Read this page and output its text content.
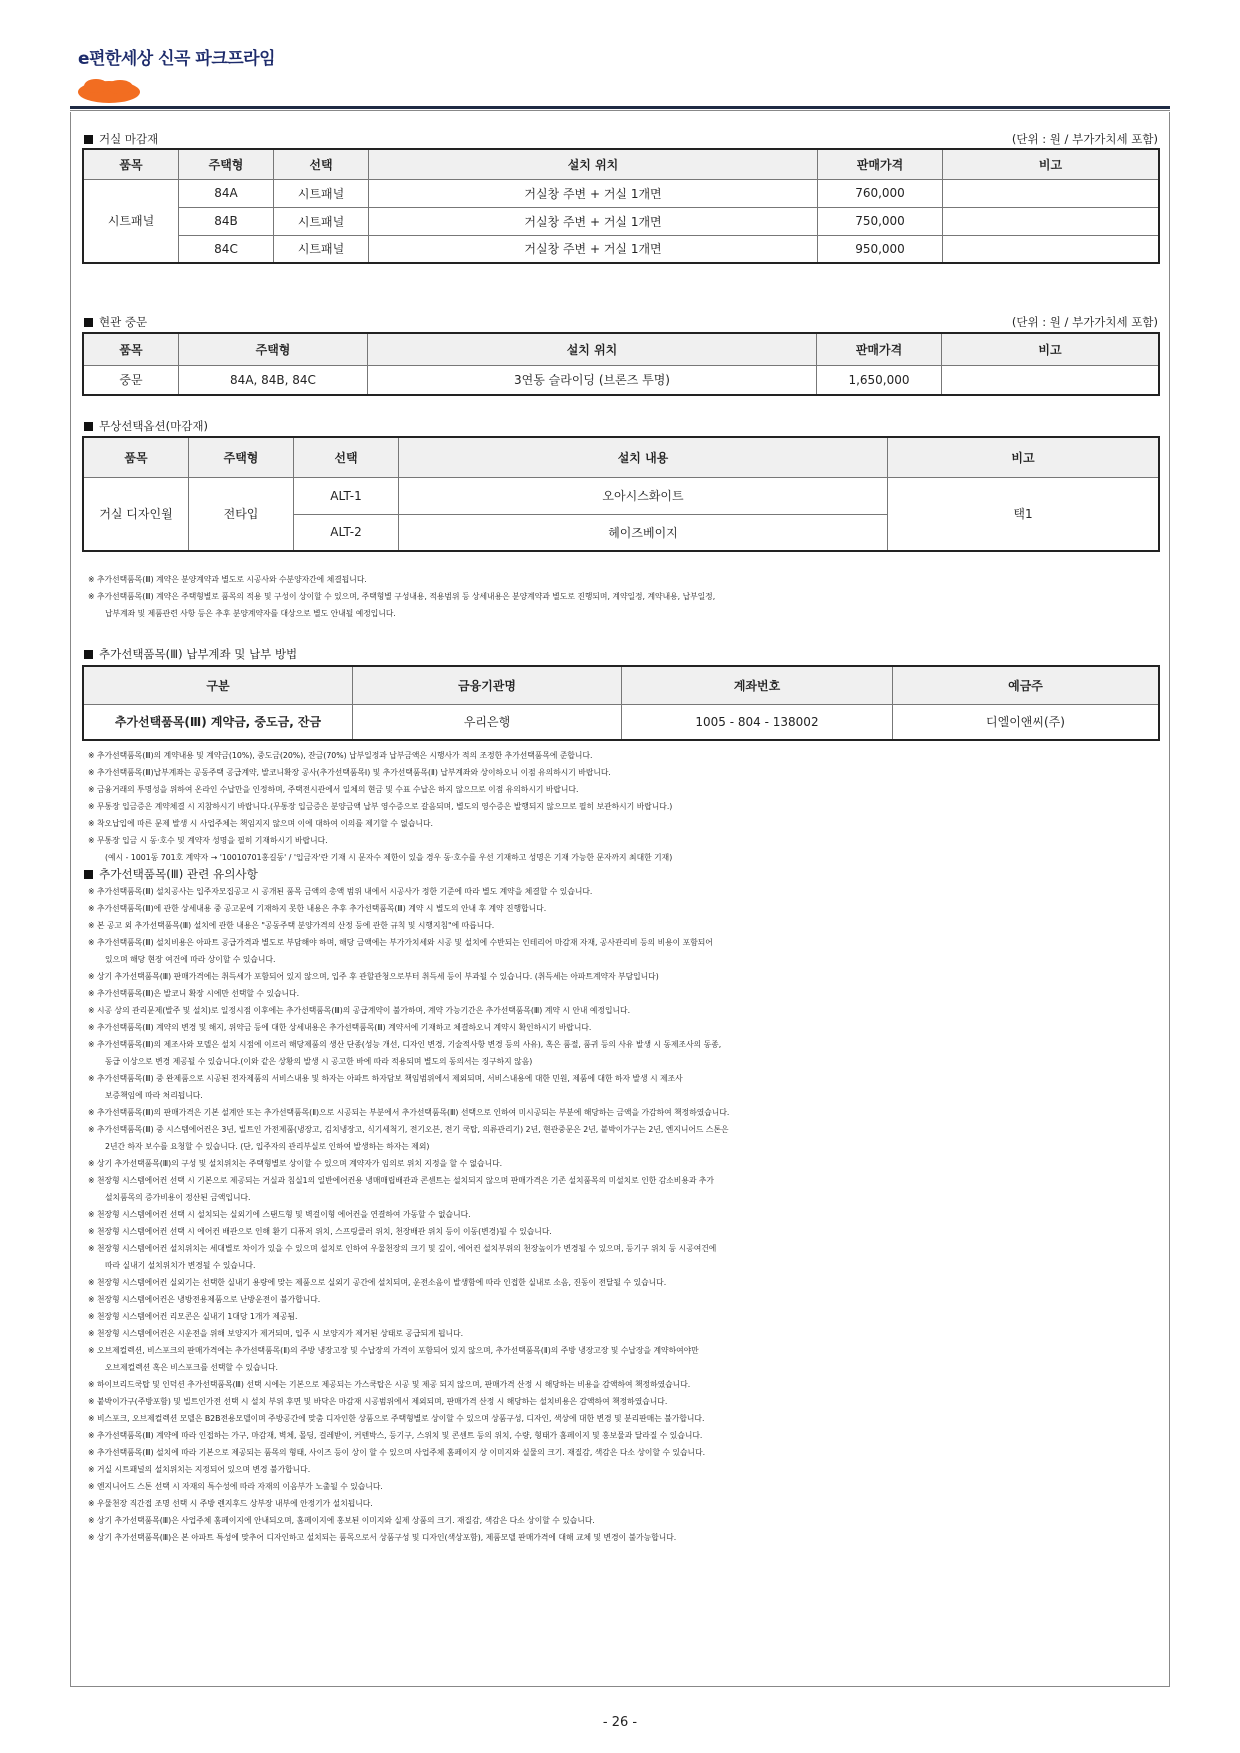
e편한세상 신곡 파크프라임
거실 마감재	(단위 : 원 / 부가가치세 포함)
품목	주택형	선택	설치 위치	판매가격	비고
시트패널	84A	시트패널	거실창 주변 + 거실 1개면	760,000	
	84B	시트패널	거실창 주변 + 거실 1개면	750,000	
	84C	시트패널	거실창 주변 + 거실 1개면	950,000	
현관 중문	(단위 : 원 / 부가가치세 포함)
품목	주택형	설치 위치	판매가격	비고
중문	84A, 84B, 84C	3연동 슬라이딩 (브론즈 투명)	1,650,000	
무상선택옵션(마감재)
품목	주택형	선택	설치 내용	비고
거실 디자인월	전타입	ALT-1	오아시스화이트	택1
		ALT-2	헤이즈베이지	
※ 추가선택품목(Ⅲ) 계약은 분양계약과 별도로 시공사와 수분양자간에 체결됩니다.
※ 추가선택품목(Ⅲ) 계약은 주택형별로 품목의 적용 및 구성이 상이할 수 있으며, 주택형별 구성내용, 적용범위 등 상세내용은 분양계약과 별도로 진행되며, 계약일정, 계약내용, 납부일정,
납부계좌 및 제품관련 사항 등은 추후 분양계약자를 대상으로 별도 안내될 예정입니다.
추가선택품목(Ⅲ) 납부계좌 및 납부 방법
구분	금융기관명	계좌번호	예금주
추가선택품목(Ⅲ) 계약금, 중도금, 잔금	우리은행	1005 - 804 - 138002	디엘이앤씨(주)
※ 추가선택품목(Ⅲ)의 계약내용 및 계약금(10%), 중도금(20%), 잔금(70%) 납부일정과 납부금액은 시행사가 적의 조정한 추가선택품목에 준합니다.
※ 추가선택품목(Ⅲ)납부계좌는 공동주택 공급계약, 발코니확장 공사(추가선택품목Ⅰ) 및 추가선택품목(Ⅱ) 납부계좌와 상이하오니 이점 유의하시기 바랍니다.
※ 금융거래의 투명성을 위하여 온라인 수납만을 인정하며, 주택전시관에서 일체의 현금 및 수표 수납은 하지 않으므로 이점 유의하시기 바랍니다.
※ 무통장 입금증은 계약체결 시 지참하시기 바랍니다.(무통장 입금증은 분양금액 납부 영수증으로 갈음되며, 별도의 영수증은 발행되지 않으므로 필히 보관하시기 바랍니다.)
※ 착오납입에 따른 문제 발생 시 사업주체는 책임지지 않으며 이에 대하여 이의를 제기할 수 없습니다.
※ 무통장 입금 시 동·호수 및 계약자 성명을 필히 기재하시기 바랍니다.
(예시 - 1001동 701호 계약자 → '10010701홍길동' / '입금자'란 기재 시 문자수 제한이 있을 경우 동·호수를 우선 기재하고 성명은 기재 가능한 문자까지 최대한 기재)
추가선택품목(Ⅲ) 관련 유의사항
※ 추가선택품목(Ⅲ) 설치공사는 입주자모집공고 시 공개된 품목 금액의 총액 범위 내에서 시공사가 정한 기준에 따라 별도 계약을 체결할 수 있습니다.
※ 추가선택품목(Ⅲ)에 관한 상세내용 중 공고문에 기재하지 못한 내용은 추후 추가선택품목(Ⅲ) 계약 시 별도의 안내 후 계약 진행합니다.
※ 본 공고 외 추가선택품목(Ⅲ) 설치에 관한 내용은 "공동주택 분양가격의 산정 등에 관한 규칙 및 시행지침"에 따릅니다.
※ 추가선택품목(Ⅲ) 설치비용은 아파트 공급가격과 별도로 부담해야 하며, 해당 금액에는 부가가치세와 시공 및 설치에 수반되는 인테리어 마감재 자재, 공사관리비 등의 비용이 포함되어
있으며 해당 현장 여건에 따라 상이할 수 있습니다.
※ 상기 추가선택품목(Ⅲ) 판매가격에는 취득세가 포함되어 있지 않으며, 입주 후 관할관청으로부터 취득세 등이 부과될 수 있습니다. (취득세는 아파트계약자 부담입니다)
※ 추가선택품목(Ⅲ)은 발코니 확장 시에만 선택할 수 있습니다.
※ 시공 상의 관리문제(발주 및 설치)로 일정시점 이후에는 추가선택품목(Ⅲ)의 공급계약이 불가하며, 계약 가능기간은 추가선택품목(Ⅲ) 계약 시 안내 예정입니다.
※ 추가선택품목(Ⅲ) 계약의 변경 및 해지, 위약금 등에 대한 상세내용은 추가선택품목(Ⅲ) 계약서에 기재하고 체결하오니 계약시 확인하시기 바랍니다.
※ 추가선택품목(Ⅲ)의 제조사와 모델은 설치 시점에 이르러 해당제품의 생산 단종(성능 개선, 디자인 변경, 기술적사항 변경 등의 사유), 혹은 품절, 품귀 등의 사유 발생 시 동제조사의 동종,
동급 이상으로 변경 제공될 수 있습니다.(이와 같은 상황의 발생 시 공고한 바에 따라 적용되며 별도의 동의서는 징구하지 않음)
※ 추가선택품목(Ⅲ) 중 완제품으로 시공된 전자제품의 서비스내용 및 하자는 아파트 하자담보 책임범위에서 제외되며, 서비스내용에 대한 민원, 제품에 대한 하자 발생 시 제조사
보증책임에 따라 처리됩니다.
※ 추가선택품목(Ⅲ)의 판매가격은 기본 설계안 또는 추가선택품목(Ⅱ)으로 시공되는 부분에서 추가선택품목(Ⅲ) 선택으로 인하여 미시공되는 부분에 해당하는 금액을 가감하여 책정하였습니다.
※ 추가선택품목(Ⅲ) 중 시스템에어컨은 3년, 빌트인 가전제품(냉장고, 김치냉장고, 식기세척기, 전기오븐, 전기 쿡탑, 의류관리기) 2년, 현관중문은 2년, 붙박이가구는 2년, 엔지니어드 스톤은
2년간 하자 보수를 요청할 수 있습니다. (단, 입주자의 관리부실로 인하여 발생하는 하자는 제외)
※ 상기 추가선택품목(Ⅲ)의 구성 및 설치위치는 주택형별로 상이할 수 있으며 계약자가 임의로 위치 지정을 할 수 없습니다.
※ 천장형 시스템에어컨 선택 시 기본으로 제공되는 거실과 침실1의 일반에어컨용 냉매매립배관과 콘센트는 설치되지 않으며 판매가격은 기존 설치품목의 미설치로 인한 감소비용과 추가
설치품목의 증가비용이 정산된 금액입니다.
※ 천장형 시스템에어컨 선택 시 설치되는 실외기에 스탠드형 및 벽걸이형 에어컨을 연결하여 가동할 수 없습니다.
※ 천장형 시스템에어컨 선택 시 에어컨 배관으로 인해 환기 디퓨저 위치, 스프링클러 위치, 천장배관 위치 등이 이동(변경)될 수 있습니다.
※ 천장형 시스템에어컨 설치위치는 세대별로 차이가 있을 수 있으며 설치로 인하여 우물천장의 크기 및 깊이, 에어컨 설치부위의 천장높이가 변경될 수 있으며, 등기구 위치 등 시공여건에
따라 실내기 설치위치가 변경될 수 있습니다.
※ 천장형 시스템에어컨 실외기는 선택한 실내기 용량에 맞는 제품으로 실외기 공간에 설치되며, 운전소음이 발생함에 따라 인접한 실내로 소음, 진동이 전달될 수 있습니다.
※ 천장형 시스템에어컨은 냉방전용제품으로 난방운전이 불가합니다.
※ 천장형 시스템에어컨 리모콘은 실내기 1대당 1개가 제공됨.
※ 천장형 시스템에어컨은 시운전을 위해 보양지가 제거되며, 입주 시 보양지가 제거된 상태로 공급되게 됩니다.
※ 오브제컬렉션, 비스포크의 판매가격에는 추가선택품목(Ⅱ)의 주방 냉장고장 및 수납장의 가격이 포함되어 있지 않으며, 추가선택품목(Ⅱ)의 주방 냉장고장 및 수납장을 계약하여야만
오브제컬렉션 혹은 비스포크를 선택할 수 있습니다.
※ 하이브리드쿡탑 및 인덕션 추가선택품목(Ⅲ) 선택 시에는 기본으로 제공되는 가스쿡탑은 시공 및 제공 되지 않으며, 판매가격 산정 시 해당하는 비용을 감액하여 책정하였습니다.
※ 붙박이가구(주방포함) 및 빌트인가전 선택 시 설치 부위 후면 및 바닥은 마감재 시공범위에서 제외되며, 판매가격 산정 시 해당하는 설치비용은 감액하여 책정하였습니다.
※ 비스포크, 오브제컬렉션 모델은 B2B전용모델이며 주방공간에 맞춤 디자인한 상품으로 주택형별로 상이할 수 있으며 상품구성, 디자인, 색상에 대한 변경 및 분리판매는 불가합니다.
※ 추가선택품목(Ⅲ) 계약에 따라 인접하는 가구, 마감재, 벽체, 몰딩, 걸레받이, 커텐박스, 등기구, 스위치 및 콘센트 등의 위치, 수량, 형태가 홈페이지 및 홍보물과 달라질 수 있습니다.
※ 추가선택품목(Ⅲ) 설치에 따라 기본으로 제공되는 품목의 형태, 사이즈 등이 상이 할 수 있으며 사업주체 홈페이지 상 이미지와 실물의 크기. 재질감, 색감은 다소 상이할 수 있습니다.
※ 거실 시트패널의 설치위치는 지정되어 있으며 변경 불가합니다.
※ 엔지니어드 스톤 선택 시 자재의 특수성에 따라 자재의 이음부가 노출될 수 있습니다.
※ 우물천장 직간접 조명 선택 시 주방 렌지후드 상부장 내부에 안정기가 설치됩니다.
※ 상기 추가선택품목(Ⅲ)은 사업주체 홈페이지에 안내되오며, 홈페이지에 홍보된 이미지와 실제 상품의 크기. 재질감, 색감은 다소 상이할 수 있습니다.
※ 상기 추가선택품목(Ⅲ)은 본 아파트 특성에 맞추어 디자인하고 설치되는 품목으로서 상품구성 및 디자인(색상포함), 제품모델 판매가격에 대해 교체 및 변경이 불가능합니다.
- 26 -
